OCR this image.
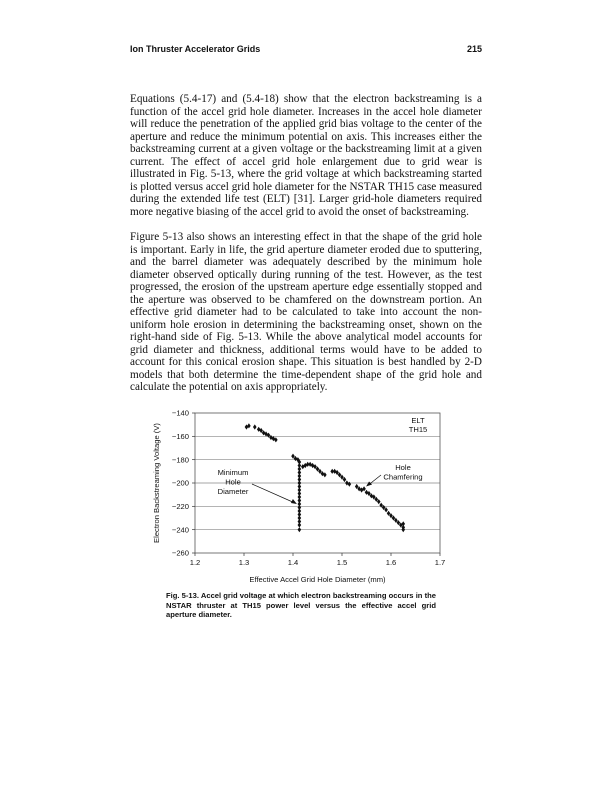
Ion Thruster Accelerator Grids	215

Equations (5.4-17) and (5.4-18) show that the electron backstreaming is a function of the accel grid hole diameter. Increases in the accel hole diameter will reduce the penetration of the applied grid bias voltage to the center of the aperture and reduce the minimum potential on axis. This increases either the backstreaming current at a given voltage or the backstreaming limit at a given current. The effect of accel grid hole enlargement due to grid wear is illustrated in Fig. 5-13, where the grid voltage at which backstreaming started is plotted versus accel grid hole diameter for the NSTAR TH15 case measured during the extended life test (ELT) [31]. Larger grid-hole diameters required more negative biasing of the accel grid to avoid the onset of backstreaming.

Figure 5-13 also shows an interesting effect in that the shape of the grid hole is important. Early in life, the grid aperture diameter eroded due to sputtering, and the barrel diameter was adequately described by the minimum hole diameter observed optically during running of the test. However, as the test progressed, the erosion of the upstream aperture edge essentially stopped and the aperture was observed to be chamfered on the downstream portion. An effective grid diameter had to be calculated to take into account the non-uniform hole erosion in determining the backstreaming onset, shown on the right-hand side of Fig. 5-13. While the above analytical model accounts for grid diameter and thickness, additional terms would have to be added to account for this conical erosion shape. This situation is best handled by 2-D models that both determine the time-dependent shape of the grid hole and calculate the potential on axis appropriately.

−140
−160
−180
−200
−220
−240
−260
1.2	1.3	1.4	1.5	1.6	1.7
Effective Accel Grid Hole Diameter (mm)
Electron Backstreaming Voltage (V)
ELT
TH15
Minimum
Hole
Diameter
Hole
Chamfering

Fig. 5-13. Accel grid voltage at which electron backstreaming occurs in the NSTAR thruster at TH15 power level versus the effective accel grid aperture diameter.
